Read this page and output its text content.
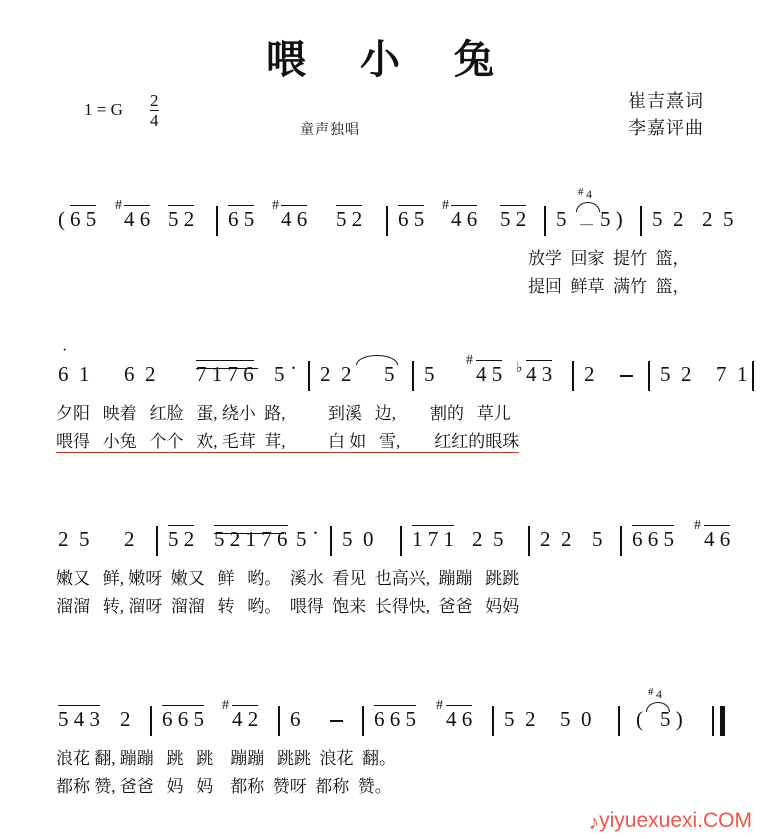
喂 小 兔
1 = G $\frac{2}{4}$
童声独唱
崔吉熹词
李嘉评曲
( 6 5
#
4 6 5 2 6 5
#
4 6 5 2 6 5
#
4 6 5 2 5
# 4
— 5 ) 5  2 2  5
放学  回家  提竹  篮，
提回  鲜草  满竹  篮，
6  1
·
6  2 7 1 7 6 5 · 2  2 5 5
#
4 5 ♭ 4 3 2	5  2 7  1
夕阳   映着   红脸   蛋, 绕小  路,          到溪   边,        割的   草儿
喂得   小兔   个个   欢, 毛茸  茸,          白 如   雪,        红红的眼珠
2  5 2 5 2 5 2 1 7 6 5 · 5  0 1 7 1 2  5 2  2 5 6 6 5
#
4 6
嫩又   鲜, 嫩呀  嫩又   鲜   哟。  溪水  看见  也高兴,  蹦蹦   跳跳
溜溜   转, 溜呀  溜溜   转   哟。  喂得  饱来  长得快,  爸爸   妈妈
5 4 3 2 6 6 5
#
4 2 6	6 6 5
#
4 6 5  2 5  0
# 4
( 5 )
浪花 翻, 蹦蹦   跳   跳    蹦蹦   跳跳  浪花  翻。
都称 赞, 爸爸   妈   妈    都称  赞呀  都称  赞。
♪yiyuexuexi.COM
